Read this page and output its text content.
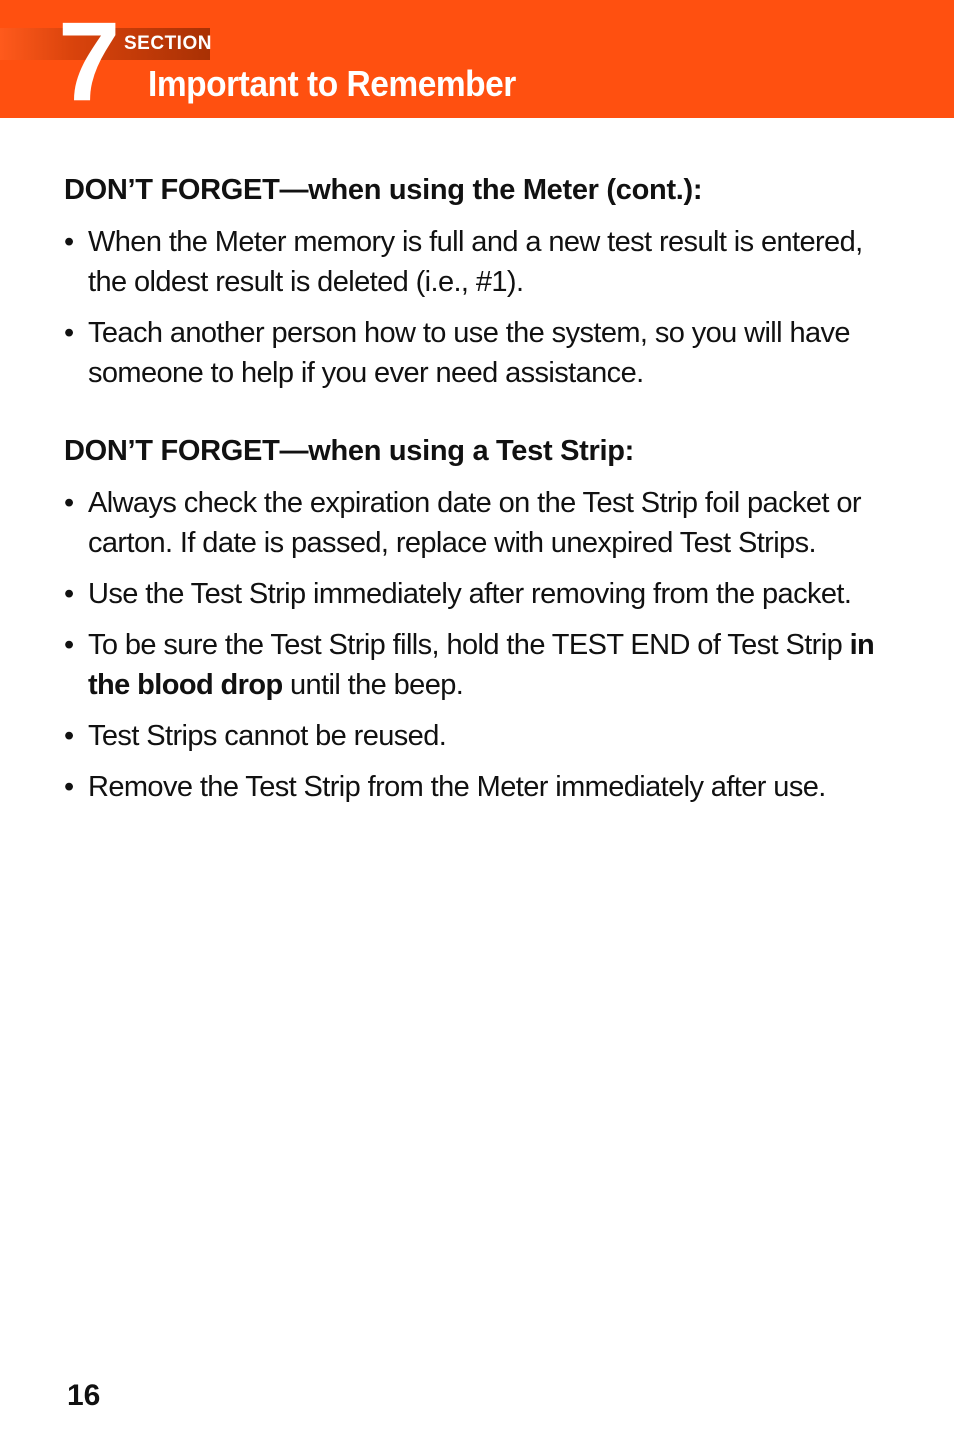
7 SECTION
Important to Remember
DON’T FORGET—when using the Meter (cont.):
• When the Meter memory is full and a new test result is entered, the oldest result is deleted (i.e., #1).
• Teach another person how to use the system, so you will have someone to help if you ever need assistance.
DON’T FORGET—when using a Test Strip:
• Always check the expiration date on the Test Strip foil packet or carton. If date is passed, replace with unexpired Test Strips.
• Use the Test Strip immediately after removing from the packet.
• To be sure the Test Strip fills, hold the TEST END of Test Strip in the blood drop until the beep.
• Test Strips cannot be reused.
• Remove the Test Strip from the Meter immediately after use.
16
